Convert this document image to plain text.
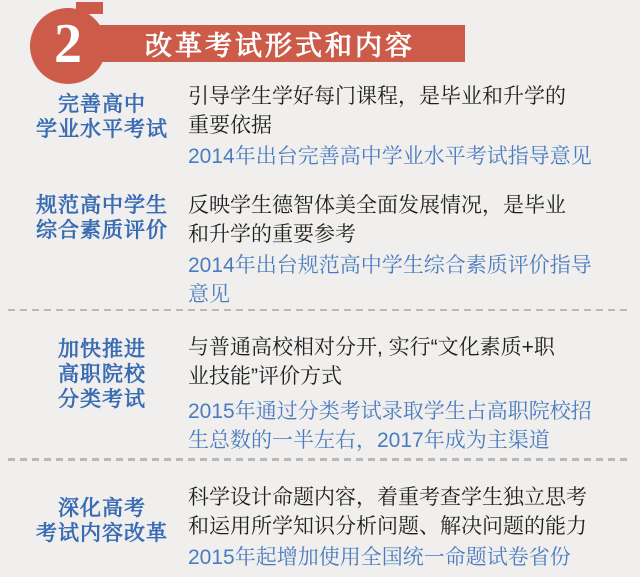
改革考试形式和内容
2
完善高中
学业水平考试
引导学生学好每门课程，是毕业和升学的
重要依据
2014年出台完善高中学业水平考试指导意见
规范高中学生
综合素质评价
反映学生德智体美全面发展情况，是毕业
和升学的重要参考
2014年出台规范高中学生综合素质评价指导
意见
加快推进
高职院校
分类考试
与普通高校相对分开, 实行“文化素质+职
业技能”评价方式
2015年通过分类考试录取学生占高职院校招
生总数的一半左右，2017年成为主渠道
深化高考
考试内容改革
科学设计命题内容，着重考查学生独立思考
和运用所学知识分析问题、解决问题的能力
2015年起增加使用全国统一命题试卷省份
